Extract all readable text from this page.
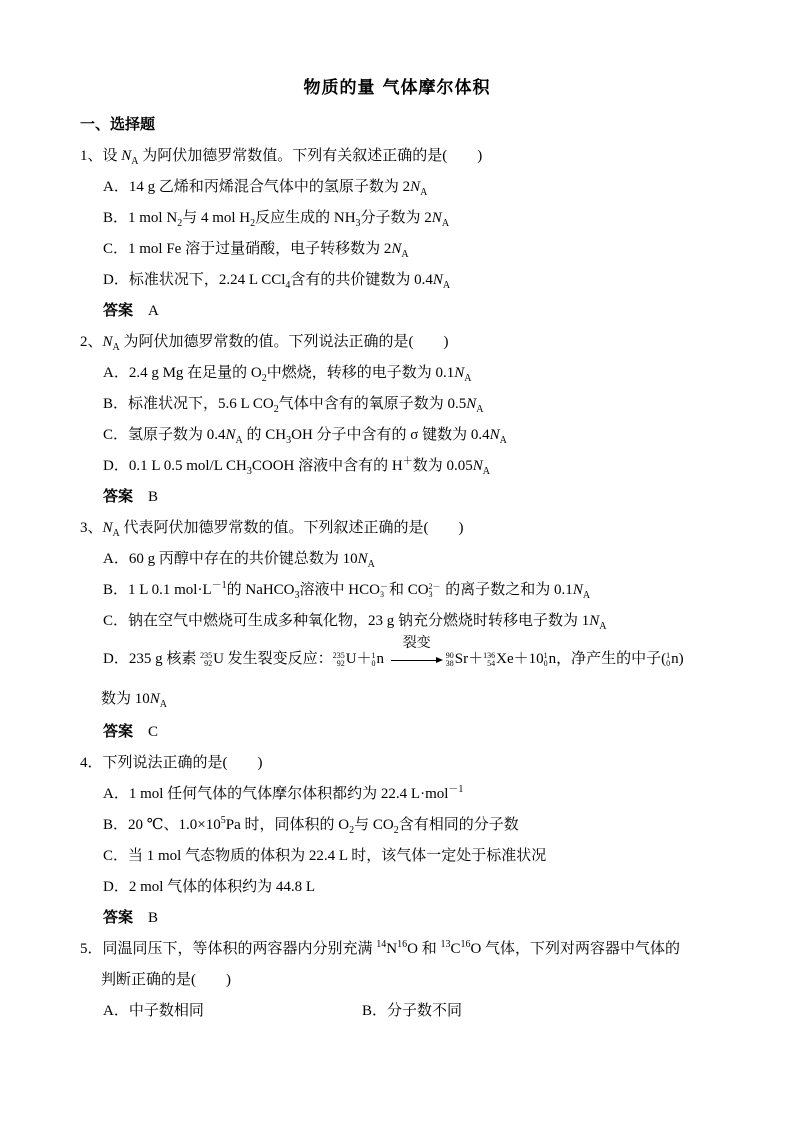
物质的量 气体摩尔体积
一、选择题
1、设 $N_A$ 为阿伏加德罗常数值。下列有关叙述正确的是(　　)
A．14 g 乙烯和丙烯混合气体中的氢原子数为 $2N_A$
B．1 mol $N_2$与 4 mol $H_2$反应生成的 $NH_3$分子数为 $2N_A$
C．1 mol Fe 溶于过量硝酸，电子转移数为 $2N_A$
D．标准状况下，2.24 L CCl$_4$含有的共价键数为 $0.4N_A$
答案　A
2、$N_A$ 为阿伏加德罗常数的值。下列说法正确的是(　　)
A．2.4 g Mg 在足量的 $O_2$中燃烧，转移的电子数为 $0.1N_A$
B．标准状况下，5.6 L $CO_2$气体中含有的氧原子数为 $0.5N_A$
C．氢原子数为 $0.4N_A$ 的 $CH_3OH$ 分子中含有的 σ 键数为 $0.4N_A$
D．0.1 L 0.5 mol/L $CH_3COOH$ 溶液中含有的 H＋数为 $0.05N_A$
答案　B
3、$N_A$ 代表阿伏加德罗常数的值。下列叙述正确的是(　　)
A．60 g 丙醇中存在的共价键总数为 $10N_A$
B．1 L 0.1 $mol\cdot L^{-1}$的 NaHCO$_3$溶液中 HCO －
3 和 CO 2－
3 的离子数之和为 $0.1N_A$
C．钠在空气中燃烧可生成多种氧化物，23 g 钠充分燃烧时转移电子数为 $1N_A$
D．235 g 核素 235
92 U 发生裂变反应： 235
92 U＋ 1
0 n
裂变
90
38 Sr＋ 136
54 Xe＋10 1
0 n，净产生的中子( 1
0 n)
数为 $10N_A$
答案　C
4．下列说法正确的是(　　)
A．1 mol 任何气体的气体摩尔体积都约为 22.4 L·mol$^{-1}$
B．20 ℃、$1.0\times 10^5Pa$ 时，同体积的 $O_2$与 $CO_2$含有相同的分子数
C．当 1 mol 气态物质的体积为 22.4 L 时，该气体一定处于标准状况
D．2 mol 气体的体积约为 44.8 L
答案　B
5．同温同压下，等体积的两容器内分别充满 $^{14}N^{16}O$ 和 $^{13}C^{16}O$ 气体，下列对两容器中气体的
判断正确的是(　　)
A．中子数相同	B．分子数不同
